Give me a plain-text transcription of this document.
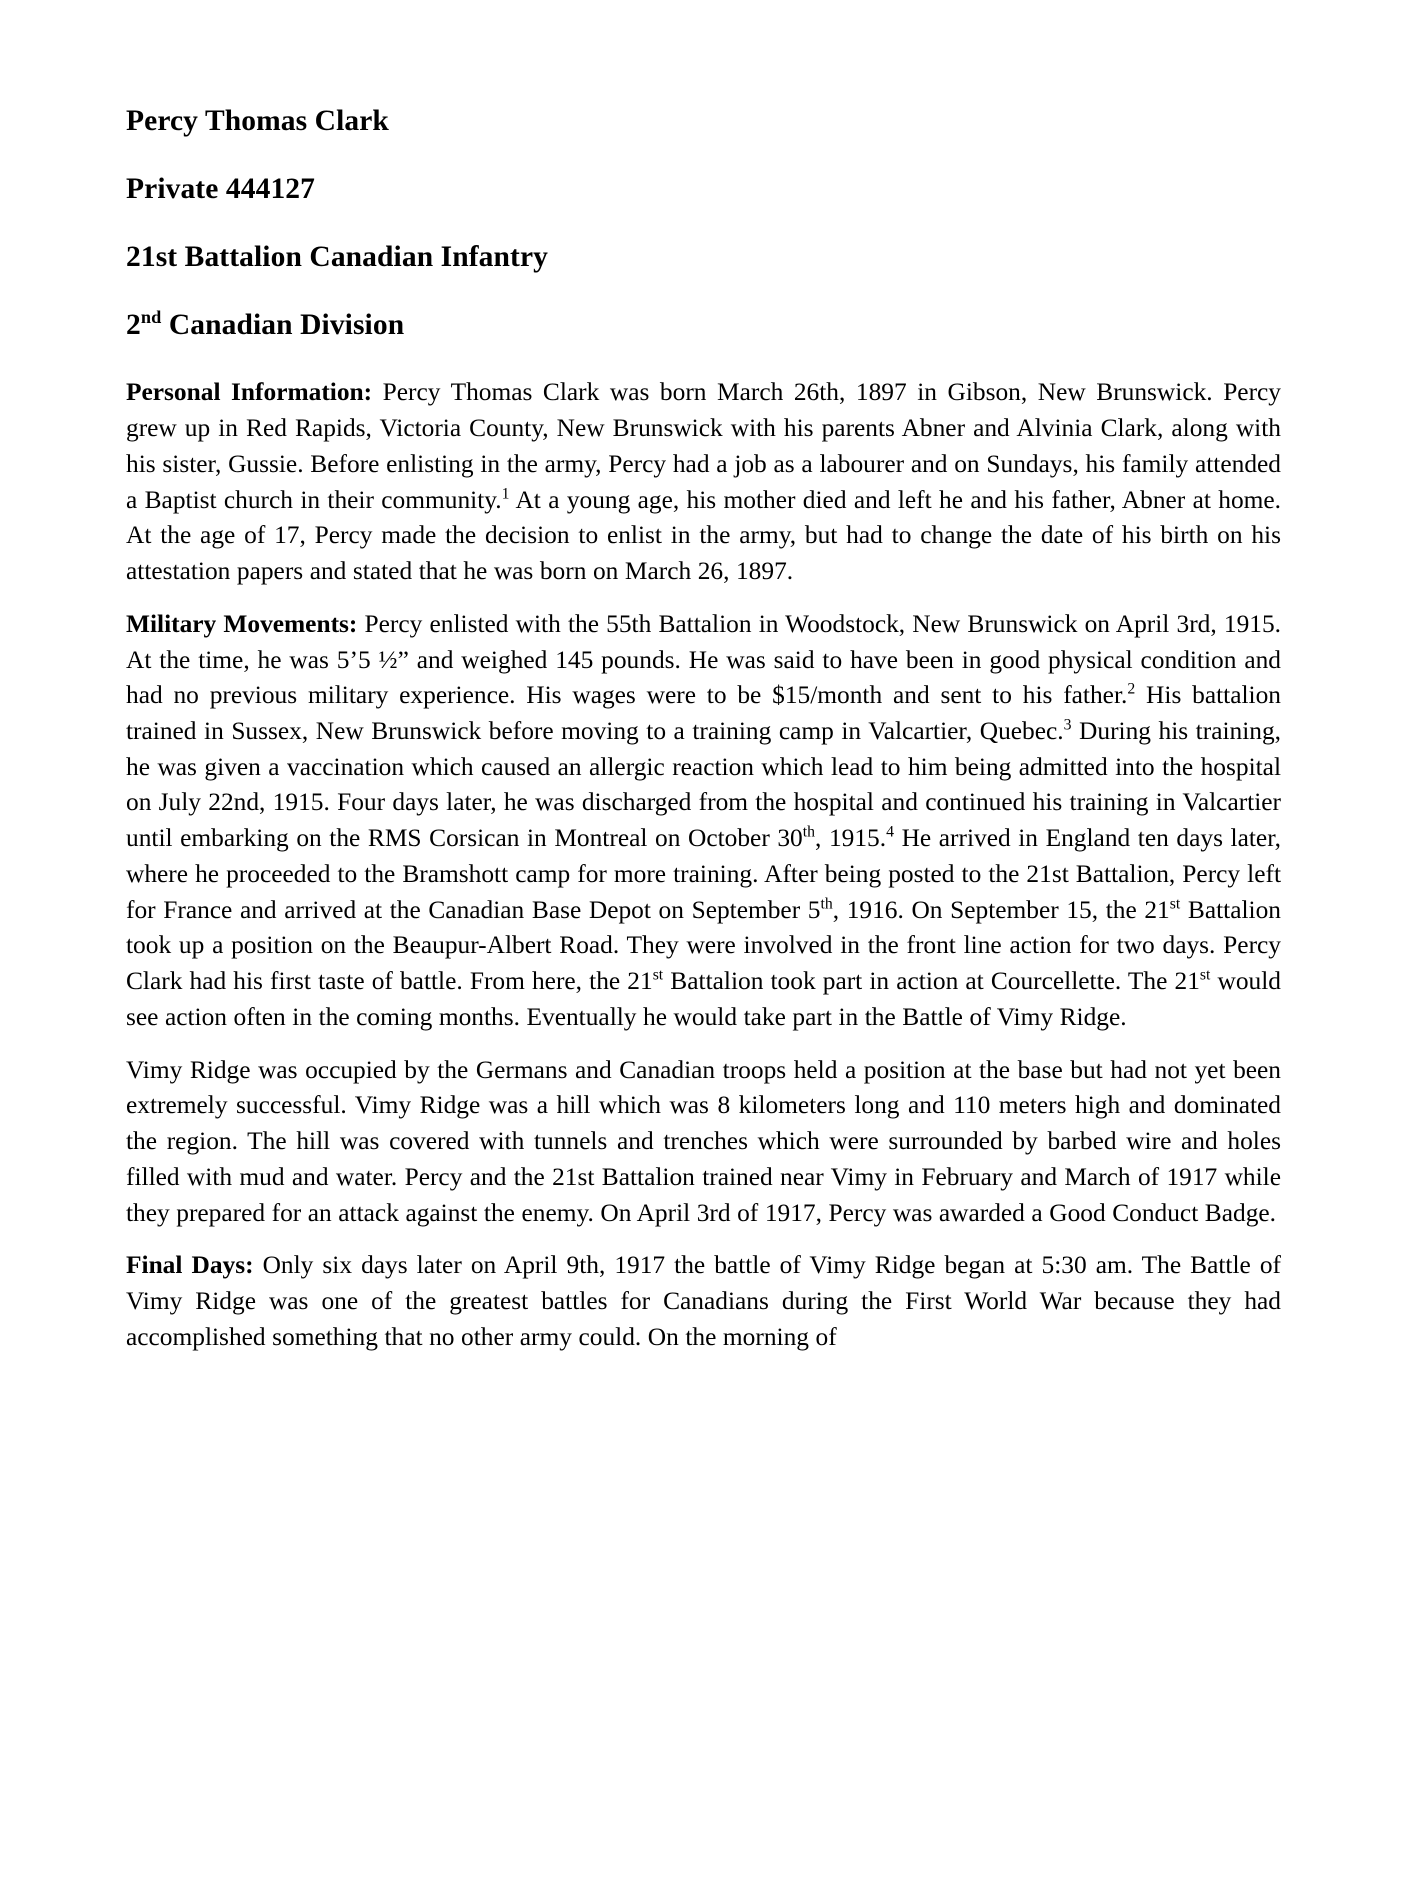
Percy Thomas Clark
Private 444127
21st Battalion Canadian Infantry
2nd Canadian Division

Personal Information: Percy Thomas Clark was born March 26th, 1897 in Gibson, New Brunswick. Percy grew up in Red Rapids, Victoria County, New Brunswick with his parents Abner and Alvinia Clark, along with his sister, Gussie. Before enlisting in the army, Percy had a job as a labourer and on Sundays, his family attended a Baptist church in their community.$^1$ At a young age, his mother died and left he and his father, Abner at home. At the age of 17, Percy made the decision to enlist in the army, but had to change the date of his birth on his attestation papers and stated that he was born on March 26, 1897.

Military Movements: Percy enlisted with the 55th Battalion in Woodstock, New Brunswick on April 3rd, 1915. At the time, he was 5’5 ½” and weighed 145 pounds. He was said to have been in good physical condition and had no previous military experience. His wages were to be $15/month and sent to his father.$^2$ His battalion trained in Sussex, New Brunswick before moving to a training camp in Valcartier, Quebec.$^3$ During his training, he was given a vaccination which caused an allergic reaction which lead to him being admitted into the hospital on July 22nd, 1915. Four days later, he was discharged from the hospital and continued his training in Valcartier until embarking on the RMS Corsican in Montreal on October 30th, 1915.$^4$ He arrived in England ten days later, where he proceeded to the Bramshott camp for more training. After being posted to the 21st Battalion, Percy left for France and arrived at the Canadian Base Depot on September 5th, 1916. On September 15, the 21st Battalion took up a position on the Beaupur-Albert Road. They were involved in the front line action for two days. Percy Clark had his first taste of battle. From here, the 21st Battalion took part in action at Courcellette. The 21st would see action often in the coming months. Eventually he would take part in the Battle of Vimy Ridge.

Vimy Ridge was occupied by the Germans and Canadian troops held a position at the base but had not yet been extremely successful. Vimy Ridge was a hill which was 8 kilometers long and 110 meters high and dominated the region. The hill was covered with tunnels and trenches which were surrounded by barbed wire and holes filled with mud and water. Percy and the 21st Battalion trained near Vimy in February and March of 1917 while they prepared for an attack against the enemy. On April 3rd of 1917, Percy was awarded a Good Conduct Badge.

Final Days: Only six days later on April 9th, 1917 the battle of Vimy Ridge began at 5:30 am. The Battle of Vimy Ridge was one of the greatest battles for Canadians during the First World War because they had accomplished something that no other army could. On the morning of
